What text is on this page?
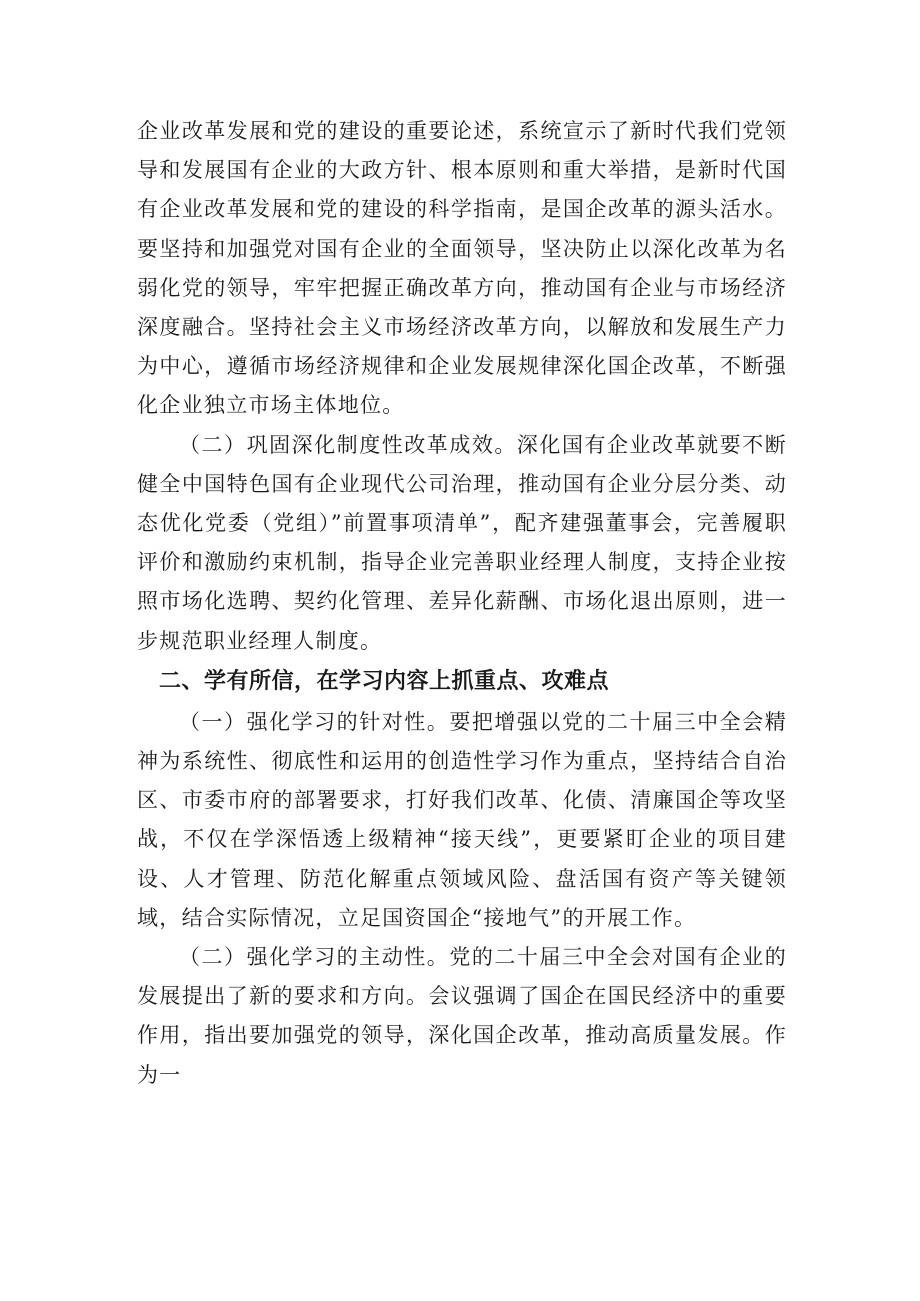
企业改革发展和党的建设的重要论述，系统宣示了新时代我们党领导和发展国有企业的大政方针、根本原则和重大举措，是新时代国有企业改革发展和党的建设的科学指南，是国企改革的源头活水。要坚持和加强党对国有企业的全面领导，坚决防止以深化改革为名弱化党的领导，牢牢把握正确改革方向，推动国有企业与市场经济深度融合。坚持社会主义市场经济改革方向，以解放和发展生产力为中心，遵循市场经济规律和企业发展规律深化国企改革，不断强化企业独立市场主体地位。

（二）巩固深化制度性改革成效。深化国有企业改革就要不断健全中国特色国有企业现代公司治理，推动国有企业分层分类、动态优化党委（党组）”前置事项清单”，配齐建强董事会，完善履职评价和激励约束机制，指导企业完善职业经理人制度，支持企业按照市场化选聘、契约化管理、差异化薪酬、市场化退出原则，进一步规范职业经理人制度。

二、学有所信，在学习内容上抓重点、攻难点

（一）强化学习的针对性。要把增强以党的二十届三中全会精神为系统性、彻底性和运用的创造性学习作为重点，坚持结合自治区、市委市府的部署要求，打好我们改革、化债、清廉国企等攻坚战，不仅在学深悟透上级精神“接天线”，更要紧盯企业的项目建设、人才管理、防范化解重点领域风险、盘活国有资产等关键领域，结合实际情况，立足国资国企“接地气”的开展工作。

（二）强化学习的主动性。党的二十届三中全会对国有企业的发展提出了新的要求和方向。会议强调了国企在国民经济中的重要作用，指出要加强党的领导，深化国企改革，推动高质量发展。作为一
